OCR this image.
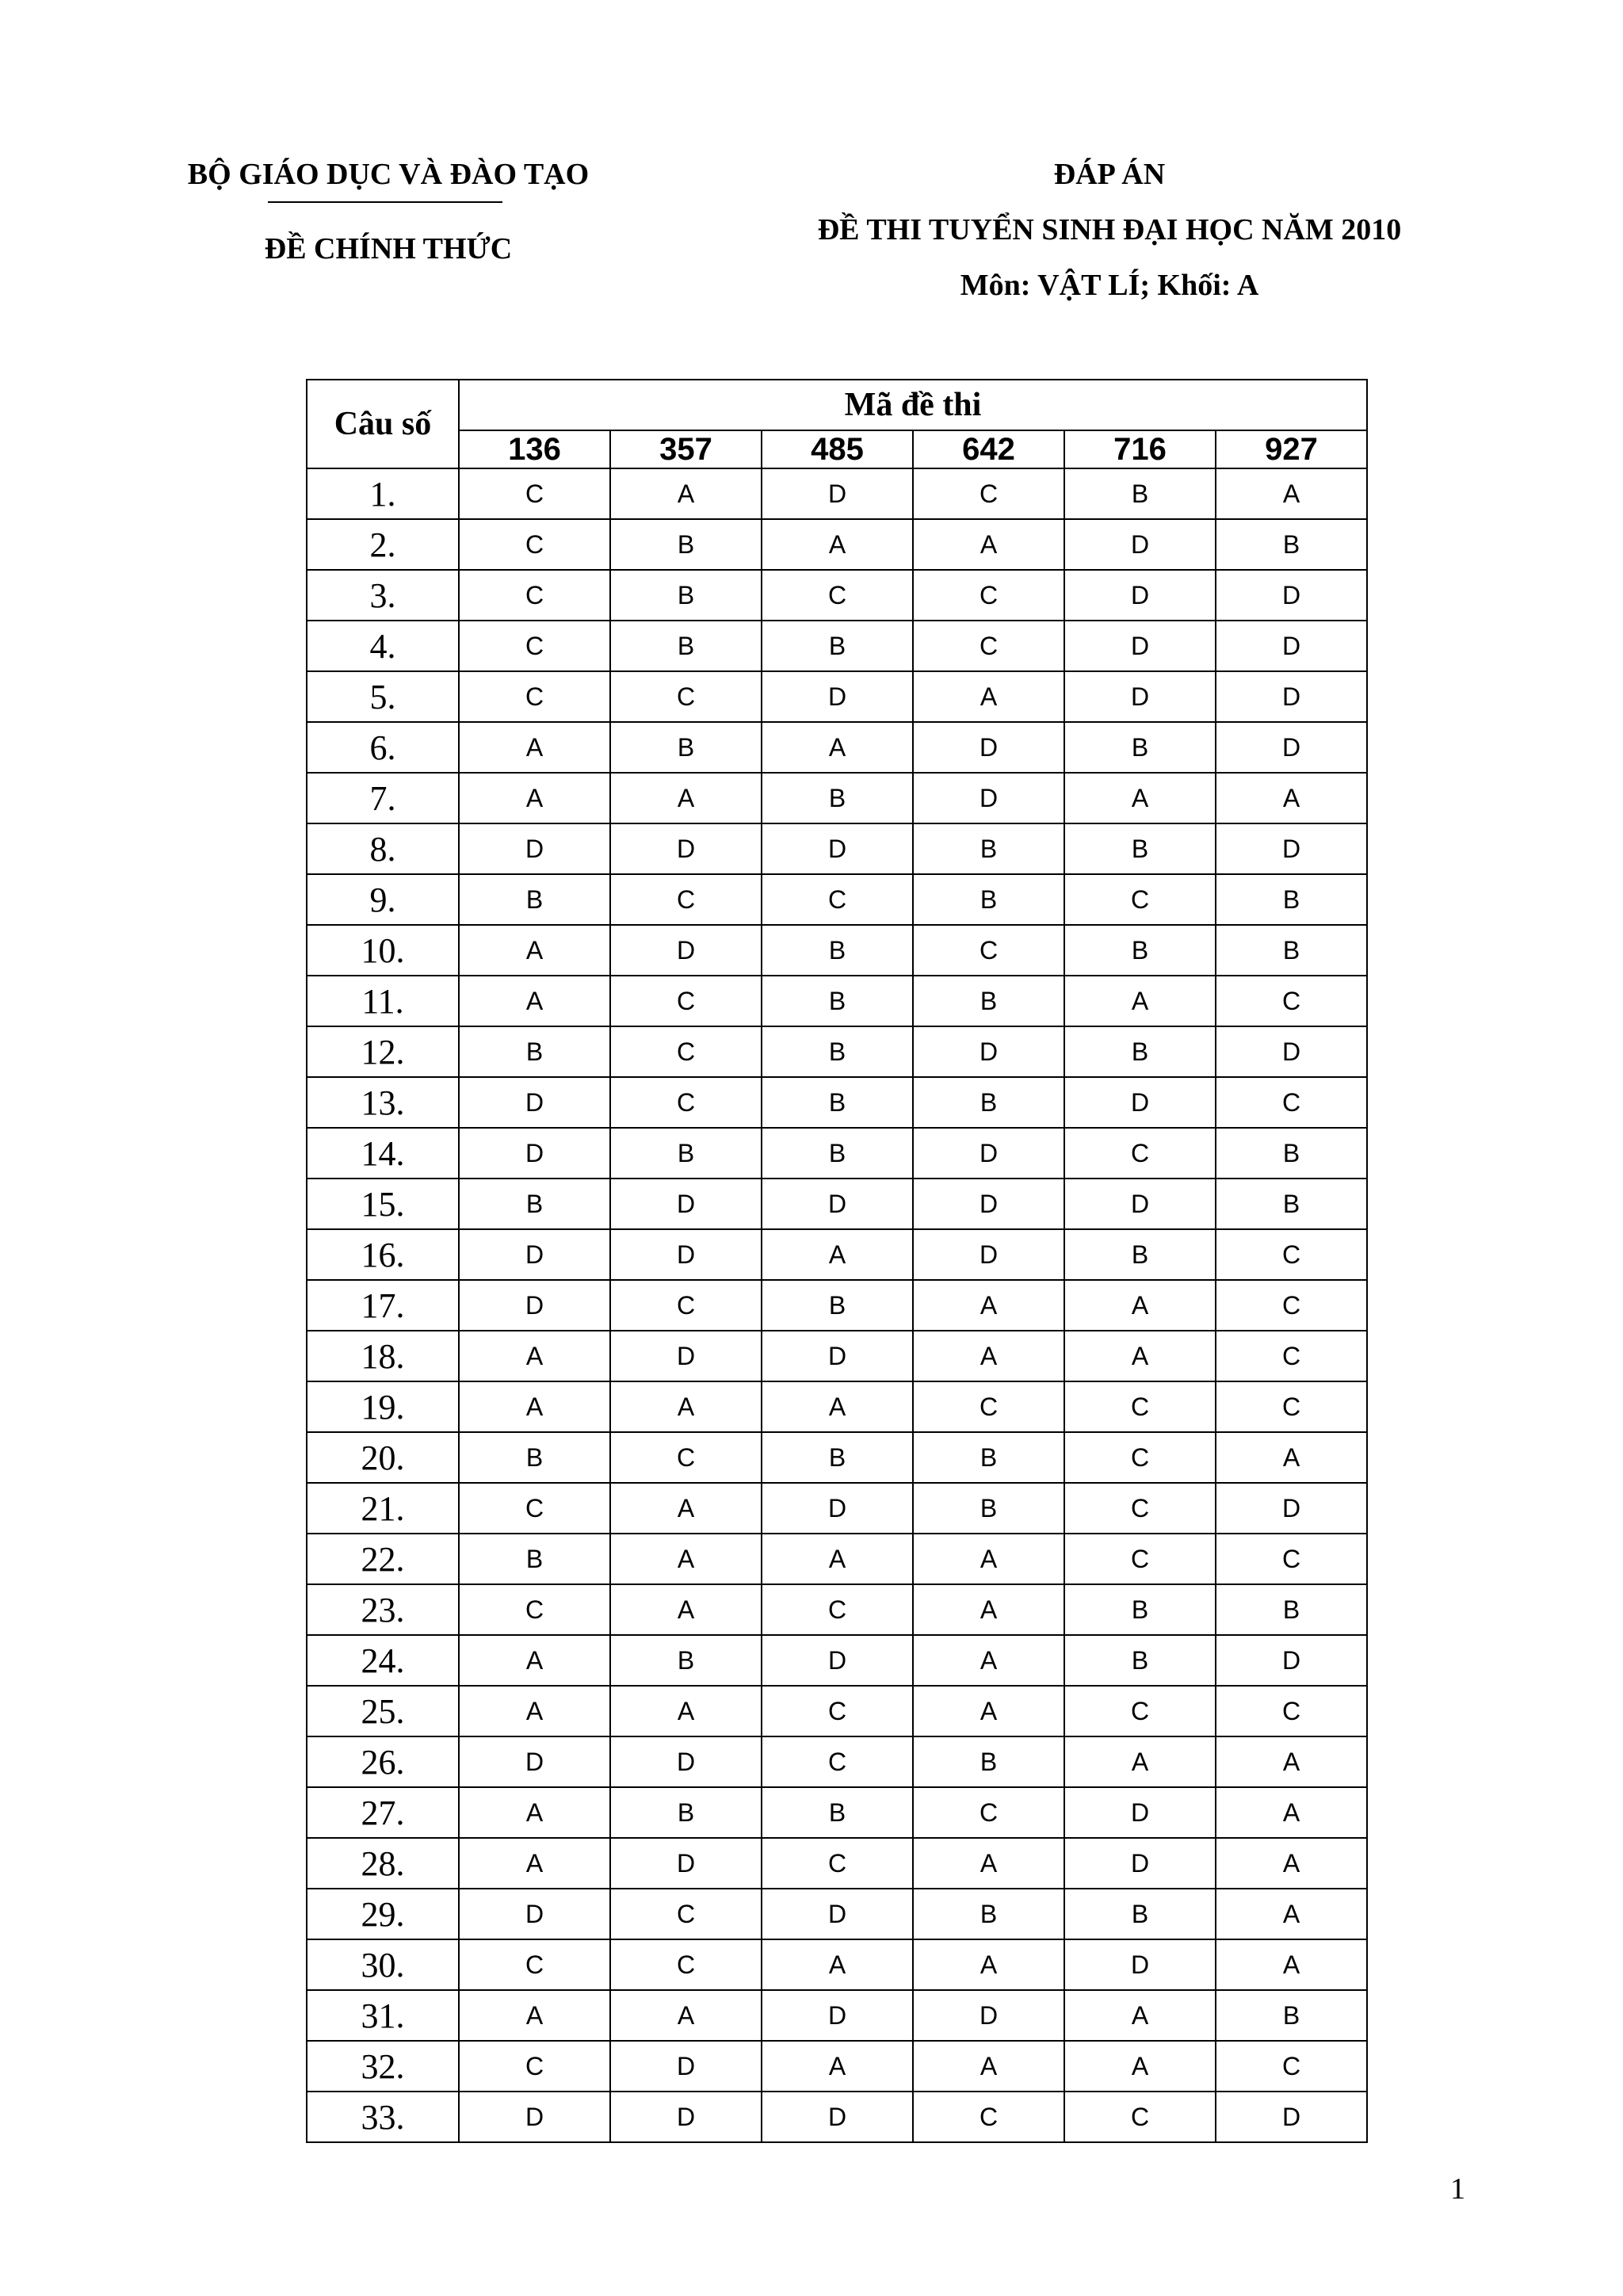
BỘ GIÁO DỤC VÀ ĐÀO TẠO
ĐỀ CHÍNH THỨC
ĐÁP ÁN
ĐỀ THI TUYỂN SINH ĐẠI HỌC NĂM 2010
Môn: VẬT LÍ; Khối: A
Câu số	Mã đề thi					
	136	357	485	642	716	927
1.	C	A	D	C	B	A
2.	C	B	A	A	D	B
3.	C	B	C	C	D	D
4.	C	B	B	C	D	D
5.	C	C	D	A	D	D
6.	A	B	A	D	B	D
7.	A	A	B	D	A	A
8.	D	D	D	B	B	D
9.	B	C	C	B	C	B
10.	A	D	B	C	B	B
11.	A	C	B	B	A	C
12.	B	C	B	D	B	D
13.	D	C	B	B	D	C
14.	D	B	B	D	C	B
15.	B	D	D	D	D	B
16.	D	D	A	D	B	C
17.	D	C	B	A	A	C
18.	A	D	D	A	A	C
19.	A	A	A	C	C	C
20.	B	C	B	B	C	A
21.	C	A	D	B	C	D
22.	B	A	A	A	C	C
23.	C	A	C	A	B	B
24.	A	B	D	A	B	D
25.	A	A	C	A	C	C
26.	D	D	C	B	A	A
27.	A	B	B	C	D	A
28.	A	D	C	A	D	A
29.	D	C	D	B	B	A
30.	C	C	A	A	D	A
31.	A	A	D	D	A	B
32.	C	D	A	A	A	C
33.	D	D	D	C	C	D
1
